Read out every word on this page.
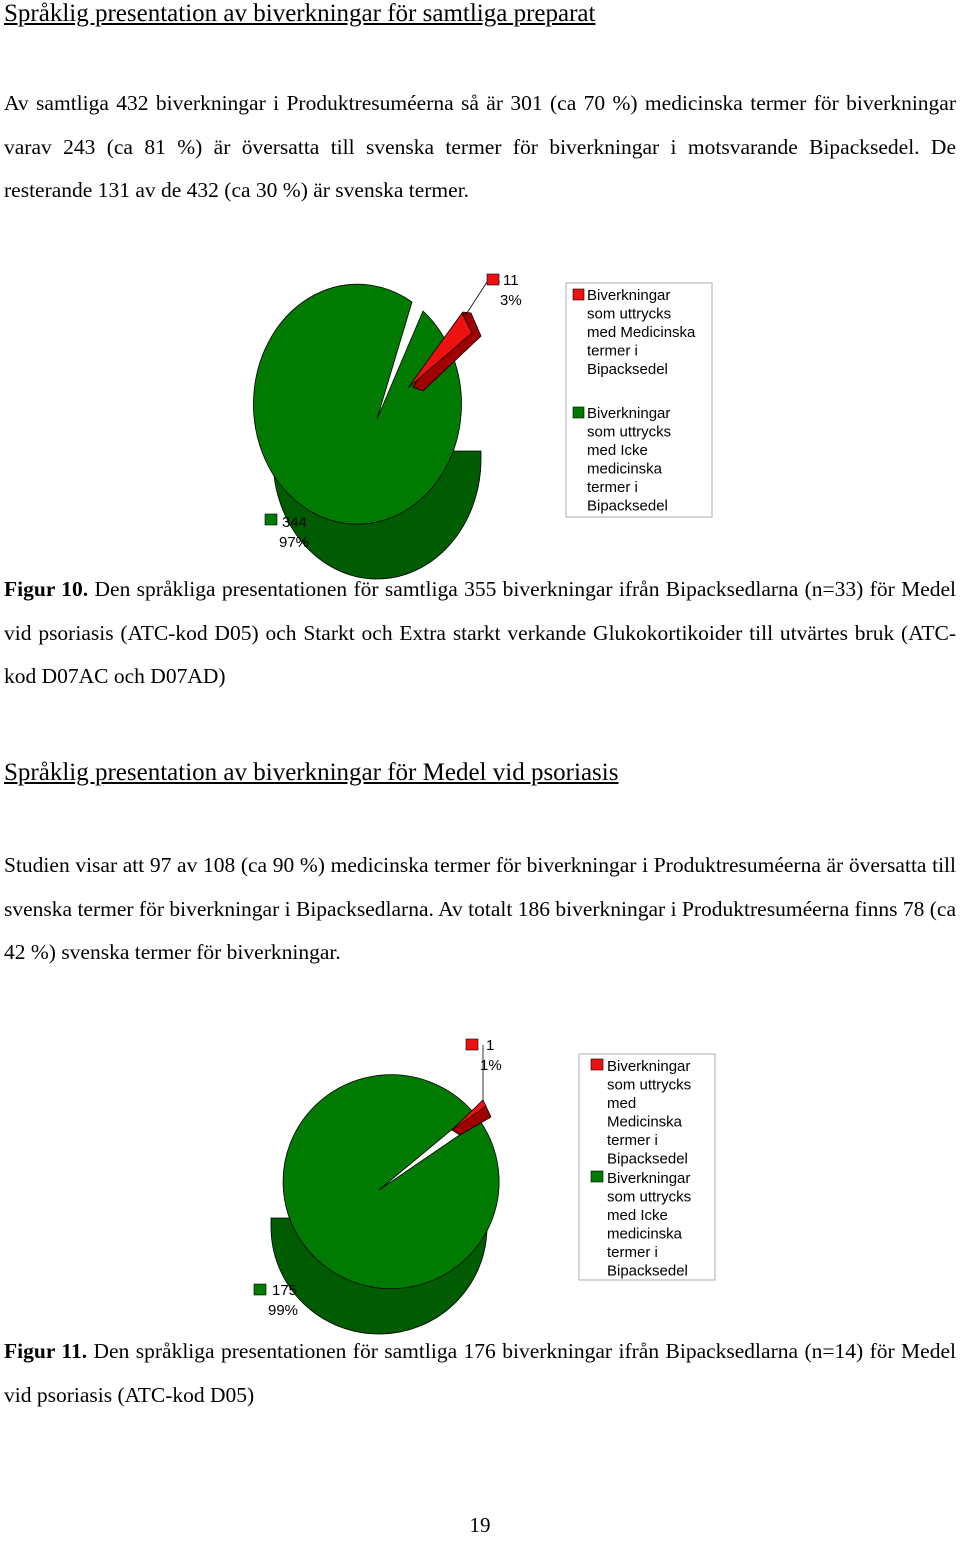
Språklig presentation av biverkningar för samtliga preparat
Av samtliga 432 biverkningar i Produktresuméerna så är 301 (ca 70 %) medicinska termer för biverkningar varav 243 (ca 81 %) är översatta till svenska termer för biverkningar i motsvarande Bipacksedel. De resterande 131 av de 432 (ca 30 %) är svenska termer.
11
3%
344
97%
Biverkningar som uttrycks med Medicinska termer i Bipacksedel
Biverkningar som uttrycks med Icke medicinska termer i Bipacksedel
1
1%
175
99%
Biverkningar som uttrycks med Medicinska termer i Bipacksedel
Biverkningar som uttrycks med Icke medicinska termer i Bipacksedel
Figur 10. Den språkliga presentationen för samtliga 355 biverkningar ifrån Bipacksedlarna (n=33) för Medel vid psoriasis (ATC-kod D05) och Starkt och Extra starkt verkande Glukokortikoider till utvärtes bruk (ATC-kod D07AC och D07AD)
Språklig presentation av biverkningar för Medel vid psoriasis
Studien visar att 97 av 108 (ca 90 %) medicinska termer för biverkningar i Produktresuméerna är översatta till svenska termer för biverkningar i Bipacksedlarna. Av totalt 186 biverkningar i Produktresuméerna finns 78 (ca 42 %) svenska termer för biverkningar.
Figur 11. Den språkliga presentationen för samtliga 176 biverkningar ifrån Bipacksedlarna (n=14) för Medel vid psoriasis (ATC-kod D05)
19
